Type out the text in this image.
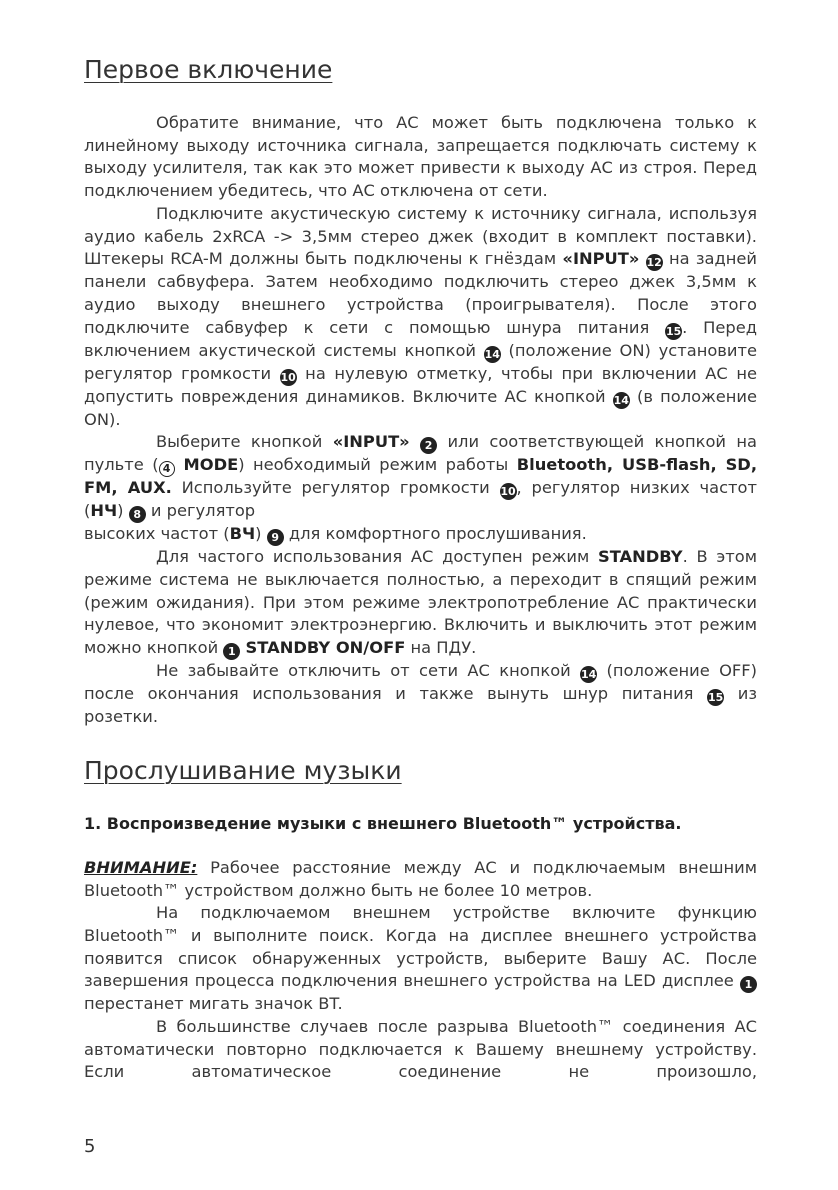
Первое включение

Обратите внимание, что АС может быть подключена только к линейному выходу источника сигнала, запрещается подключать систему к выходу усилителя, так как это может привести к выходу АС из строя. Перед подключением убедитесь, что АС отключена от сети.

Подключите акустическую систему к источнику сигнала, используя аудио кабель 2xRCA -> 3,5мм стерео джек (входит в комплект поставки). Штекеры RCA-M должны быть подключены к гнёздам «INPUT» 12 на задней панели сабвуфера. Затем необходимо подключить стерео джек 3,5мм к аудио выходу внешнего устройства (проигрывателя). После этого подключите сабвуфер к сети с помощью шнура питания 15. Перед включением акустической системы кнопкой 14 (положение ON) установите регулятор громкости 10 на нулевую отметку, чтобы при включении АС не допустить повреждения динамиков. Включите АС кнопкой 14 (в положение ON).

Выберите кнопкой «INPUT» 2 или соответствующей кнопкой на пульте ( 4 MODE) необходимый режим работы Bluetooth, USB-flash, SD, FM, AUX. Используйте регулятор громкости 10, регулятор низких частот (НЧ) 8 и регулятор

высоких частот (ВЧ) 9 для комфортного прослушивания.

Для частого использования АС доступен режим STANDBY. В этом режиме система не выключается полностью, а переходит в спящий режим (режим ожидания). При этом режиме электропотребление АС практически нулевое, что экономит электроэнергию. Включить и выключить этот режим можно кнопкой 1 STANDBY ON/OFF на ПДУ.

Не забывайте отключить от сети АС кнопкой 14 (положение OFF) после окончания использования и также вынуть шнур питания 15 из розетки.

Прослушивание музыки

1. Воспроизведение музыки с внешнего Bluetooth™ устройства.

ВНИМАНИЕ: Рабочее расстояние между АС и подключаемым внешним Bluetooth™ устройством должно быть не более 10 метров.

На подключаемом внешнем устройстве включите функцию Bluetooth™ и выполните поиск. Когда на дисплее внешнего устройства появится список обнаруженных устройств, выберите Вашу АС. После завершения процесса подключения внешнего устройства на LED дисплее 1 перестанет мигать значок BT.

В большинстве случаев после разрыва Bluetooth™ соединения АС автоматически повторно подключается к Вашему внешнему устройству. Если автоматическое соединение не произошло,

5
